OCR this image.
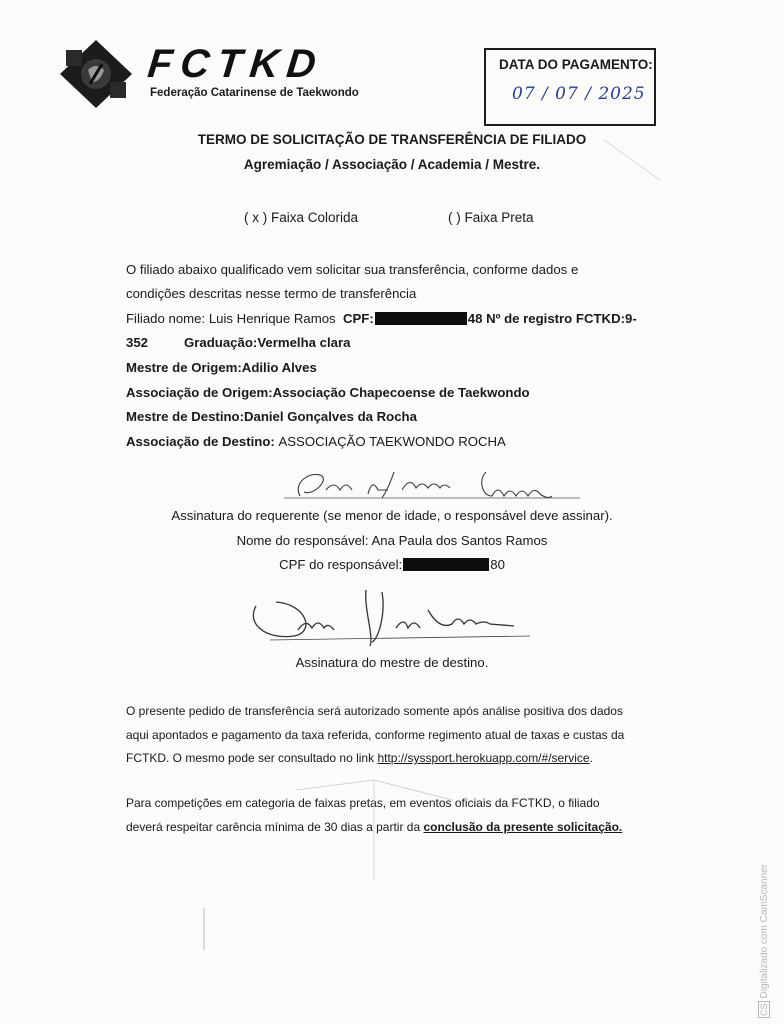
FCTKD
Federação Catarinense de Taekwondo
DATA DO PAGAMENTO:
07 / 07 / 2025
TERMO DE SOLICITAÇÃO DE TRANSFERÊNCIA DE FILIADO
Agremiação / Associação / Academia / Mestre.
( x ) Faixa Colorida	( ) Faixa Preta
O filiado abaixo qualificado vem solicitar sua transferência, conforme dados e
condições descritas nesse termo de transferência
Filiado nome: Luis Henrique Ramos CPF:	48 Nº de registro FCTKD:9-
352	Graduação:Vermelha clara
Mestre de Origem:Adilio Alves
Associação de Origem:Associação Chapecoense de Taekwondo
Mestre de Destino:Daniel Gonçalves da Rocha
Associação de Destino: ASSOCIAÇÃO TAEKWONDO ROCHA
Assinatura do requerente (se menor de idade, o responsável deve assinar).
Nome do responsável: Ana Paula dos Santos Ramos
CPF do responsável:	80
Assinatura do mestre de destino.
O presente pedido de transferência será autorizado somente após análise positiva dos dados
aqui apontados e pagamento da taxa referida, conforme regimento atual de taxas e custas da
FCTKD. O mesmo pode ser consultado no link http://syssport.herokuapp.com/#/service.
Para competições em categoria de faixas pretas, em eventos oficiais da FCTKD, o filiado
deverá respeitar carência mínima de 30 dias a partir da conclusão da presente solicitação.
CSDigitalizado com CamScanner
